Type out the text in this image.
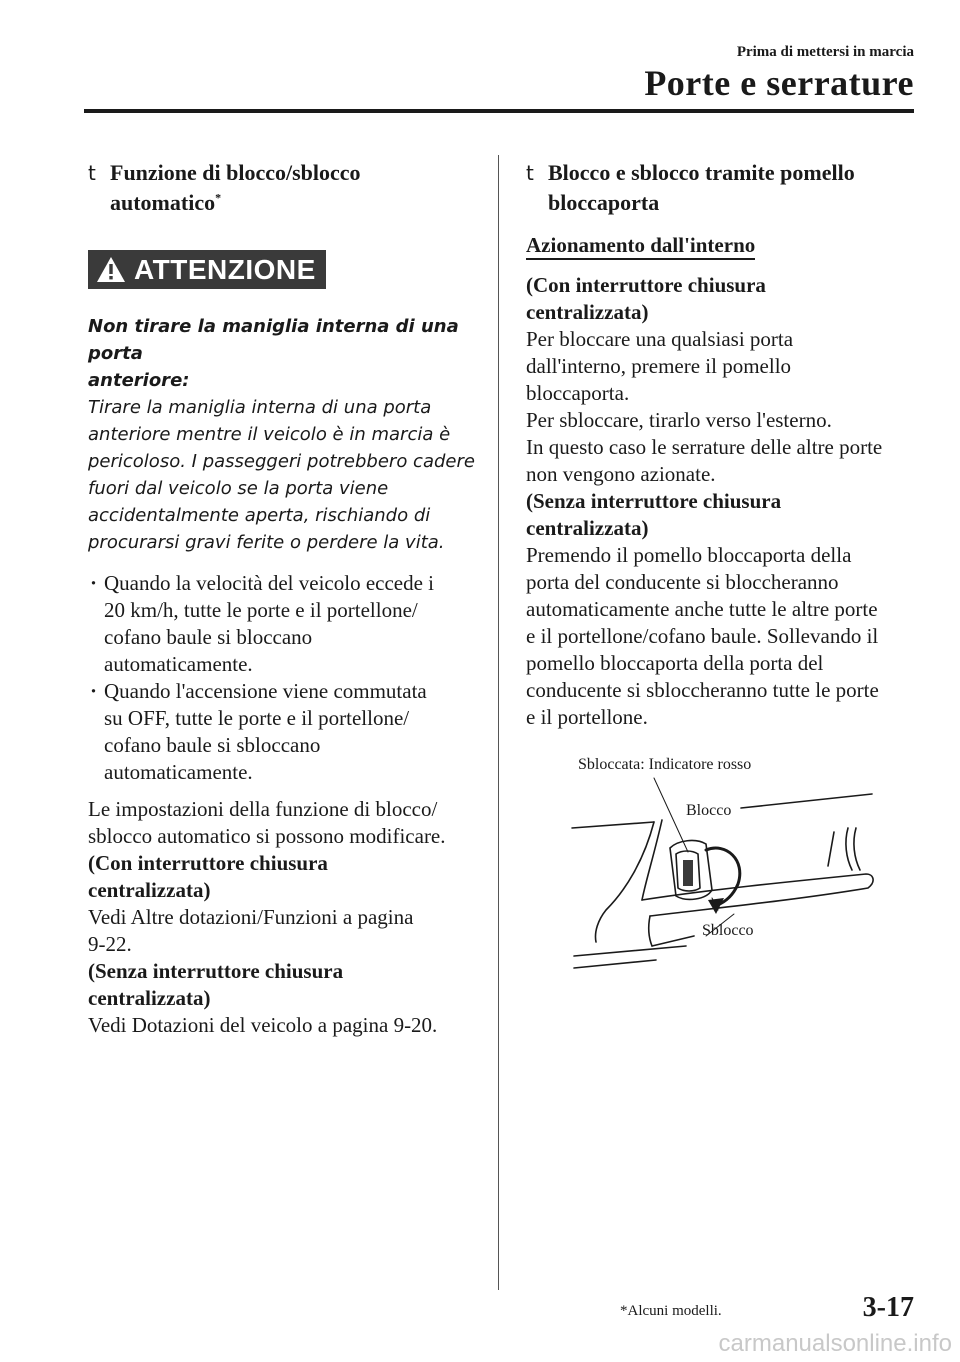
Prima di mettersi in marcia
Porte e serrature
t Funzione di blocco/sblocco
automatico*
ATTENZIONE
Non tirare la maniglia interna di una porta
anteriore:
Tirare la maniglia interna di una porta
anteriore mentre il veicolo è in marcia è
pericoloso. I passeggeri potrebbero cadere
fuori dal veicolo se la porta viene
accidentalmente aperta, rischiando di
procurarsi gravi ferite o perdere la vita.
· Quando la velocità del veicolo eccede i
20 km/h, tutte le porte e il portellone/
cofano baule si bloccano
automaticamente.
· Quando l'accensione viene commutata
su OFF, tutte le porte e il portellone/
cofano baule si sbloccano
automaticamente.

Le impostazioni della funzione di blocco/
sblocco automatico si possono modificare.

(Con interruttore chiusura
centralizzata)

Vedi Altre dotazioni/Funzioni a pagina
9-22.

(Senza interruttore chiusura
centralizzata)

Vedi Dotazioni del veicolo a pagina 9-20.

t Blocco e sblocco tramite pomello
bloccaporta
Azionamento dall'interno

(Con interruttore chiusura
centralizzata)

Per bloccare una qualsiasi porta
dall'interno, premere il pomello
bloccaporta.
Per sbloccare, tirarlo verso l'esterno.
In questo caso le serrature delle altre porte
non vengono azionate.

(Senza interruttore chiusura
centralizzata)

Premendo il pomello bloccaporta della
porta del conducente si bloccheranno
automaticamente anche tutte le altre porte
e il portellone/cofano baule. Sollevando il
pomello bloccaporta della porta del
conducente si sbloccheranno tutte le porte
e il portellone.

Sbloccata: Indicatore rosso
Blocco
Sblocco
*Alcuni modelli.	3-17
carmanualsonline.info
